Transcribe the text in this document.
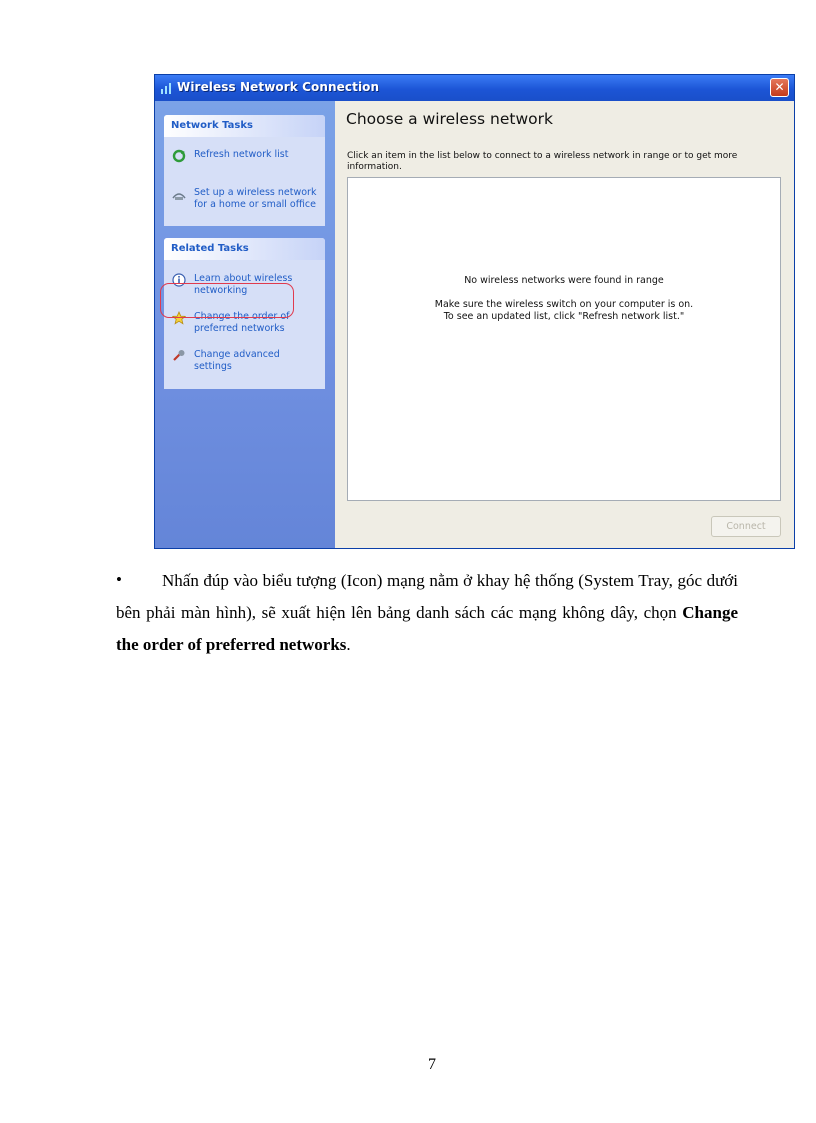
Wireless Network Connection	✕
Network Tasks
Refresh network list
Set up a wireless network for a home or small office
Related Tasks
Learn about wireless networking
Change the order of preferred networks
Change advanced settings
Choose a wireless network
Click an item in the list below to connect to a wireless network in range or to get more information.
No wireless networks were found in range
Make sure the wireless switch on your computer is on.
To see an updated list, click "Refresh network list."
Connect
•	Nhấn đúp vào biểu tượng (Icon) mạng nằm ở khay hệ thống (System Tray, góc dưới bên phải màn hình), sẽ xuất hiện lên bảng danh sách các mạng không dây, chọn Change the order of preferred networks.

7
